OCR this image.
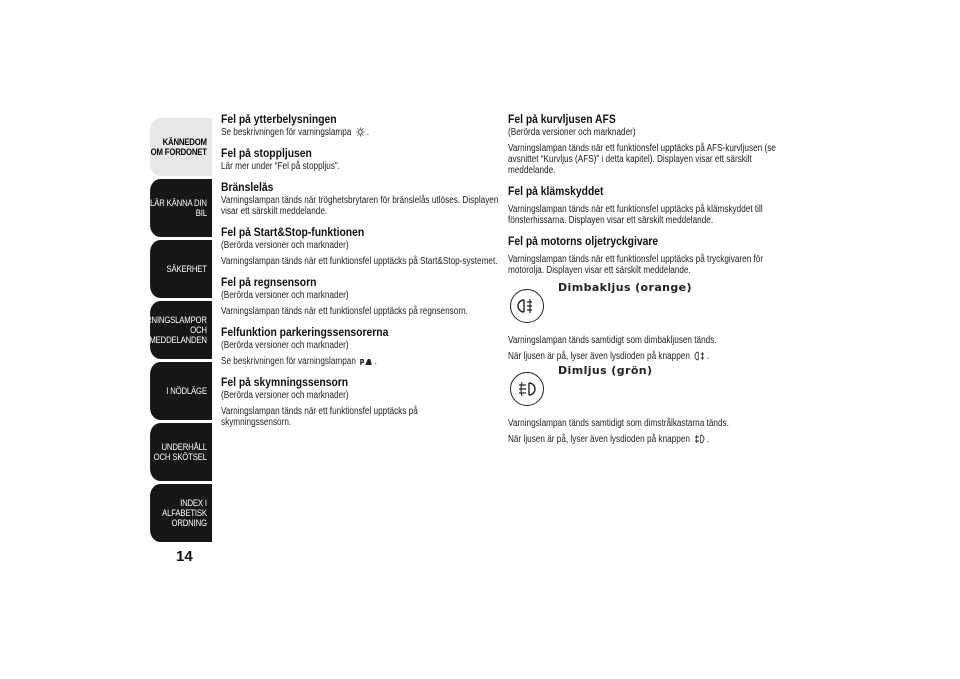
KÄNNEDOM OM FORDONET
LÄR KÄNNA DIN BIL
SÄKERHET
VARNINGSLAMPOR OCH MEDDELANDEN
I NÖDLÄGE
UNDERHÅLL OCH SKÖTSEL
INDEX I ALFABETISK ORDNING
14
Fel på ytterbelysningen
Se beskrivningen för varningslampa .
Fel på stoppljusen

Lär mer under “Fel på stoppljus”.

Bränslelås

Varningslampan tänds när tröghetsbrytaren för bränslelås utlöses. Displayen visar ett särskilt meddelande.

Fel på Start&Stop-funktionen

(Berörda versioner och marknader)

Varningslampan tänds när ett funktionsfel upptäcks på Start&Stop-systemet.

Fel på regnsensorn

(Berörda versioner och marknader)

Varningslampan tänds när ett funktionsfel upptäcks på regnsensorn.

Felfunktion parkeringssensorerna

(Berörda versioner och marknader)

Se beskrivningen för varningslampan P .
Fel på skymningssensorn

(Berörda versioner och marknader)

Varningslampan tänds när ett funktionsfel upptäcks på skymningssensorn.

Fel på kurvljusen AFS

(Berörda versioner och marknader)

Varningslampan tänds när ett funktionsfel upptäcks på AFS-kurvljusen (se avsnittet “Kurvljus (AFS)” i detta kapitel). Displayen visar ett särskilt meddelande.

Fel på klämskyddet

Varningslampan tänds när ett funktionsfel upptäcks på klämskyddet till fönsterhissarna. Displayen visar ett särskilt meddelande.

Fel på motorns oljetryckgivare

Varningslampan tänds när ett funktionsfel upptäcks på tryckgivaren för motorolja. Displayen visar ett särskilt meddelande.

Dimbakljus (orange)

Varningslampan tänds samtidigt som dimbakljusen tänds.

När ljusen är på, lyser även lysdioden på knappen .
Dimljus (grön)

Varningslampan tänds samtidigt som dimstrålkastarna tänds.

När ljusen är på, lyser även lysdioden på knappen .
